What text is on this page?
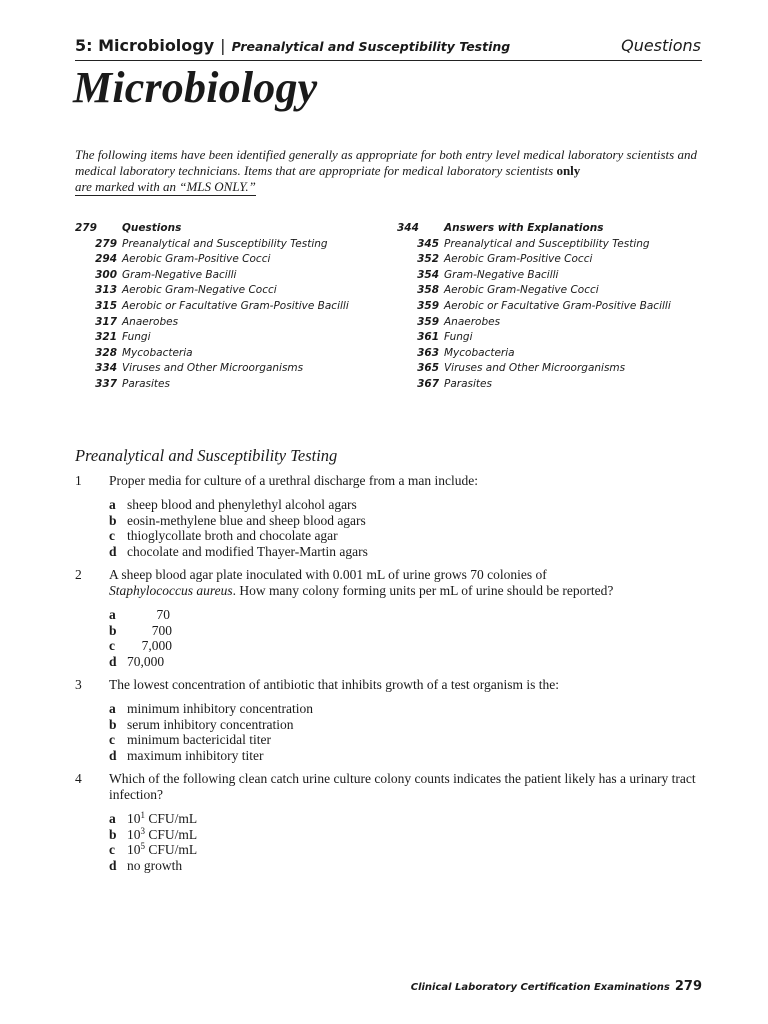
5: Microbiology | Preanalytical and Susceptibility Testing	Questions
Microbiology
The following items have been identified generally as appropriate for both entry level medical laboratory scientists and medical laboratory technicians. Items that are appropriate for medical laboratory scientists only
are marked with an “MLS ONLY.”
279 Questions
279 Preanalytical and Susceptibility Testing
294 Aerobic Gram-Positive Cocci
300 Gram-Negative Bacilli
313 Aerobic Gram-Negative Cocci
315 Aerobic or Facultative Gram-Positive Bacilli
317 Anaerobes
321 Fungi
328 Mycobacteria
334 Viruses and Other Microorganisms
337 Parasites
344 Answers with Explanations
345 Preanalytical and Susceptibility Testing
352 Aerobic Gram-Positive Cocci
354 Gram-Negative Bacilli
358 Aerobic Gram-Negative Cocci
359 Aerobic or Facultative Gram-Positive Bacilli
359 Anaerobes
361 Fungi
363 Mycobacteria
365 Viruses and Other Microorganisms
367 Parasites
Preanalytical and Susceptibility Testing
1 Proper media for culture of a urethral discharge from a man include:
a sheep blood and phenylethyl alcohol agars
b eosin-methylene blue and sheep blood agars
c thioglycollate broth and chocolate agar
d chocolate and modified Thayer-Martin agars
2 A sheep blood agar plate inoculated with 0.001 mL of urine grows 70 colonies of
Staphylococcus aureus. How many colony forming units per mL of urine should be reported?
a	70
b	700
c 7,000
d 70,000
3 The lowest concentration of antibiotic that inhibits growth of a test organism is the:
a minimum inhibitory concentration
b serum inhibitory concentration
c minimum bactericidal titer
d maximum inhibitory titer
4 Which of the following clean catch urine culture colony counts indicates the patient likely has a urinary tract infection?
a $10^1$ CFU/mL
b $10^3$ CFU/mL
c $10^5$ CFU/mL
d no growth
Clinical Laboratory Certification Examinations 279
